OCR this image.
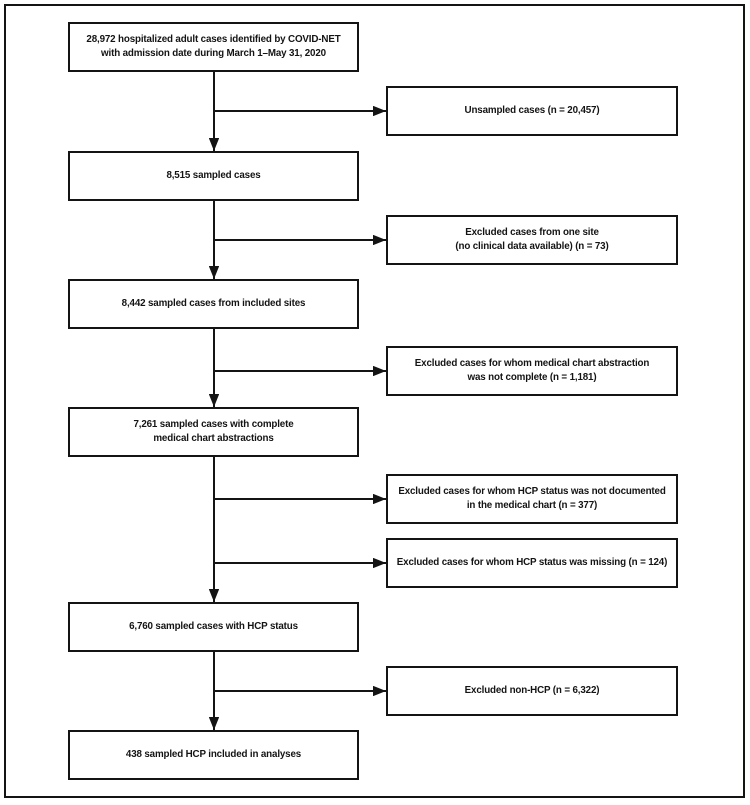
28,972 hospitalized adult cases identified by COVID-NET
with admission date during March 1–May 31, 2020
8,515 sampled cases
8,442 sampled cases from included sites
7,261 sampled cases with complete
medical chart abstractions
6,760 sampled cases with HCP status
438 sampled HCP included in analyses
Unsampled cases (n = 20,457)
Excluded cases from one site
(no clinical data available) (n = 73)
Excluded cases for whom medical chart abstraction
was not complete (n = 1,181)
Excluded cases for whom HCP status was not documented
in the medical chart (n = 377)
Excluded cases for whom HCP status was missing (n = 124)
Excluded non-HCP (n = 6,322)
